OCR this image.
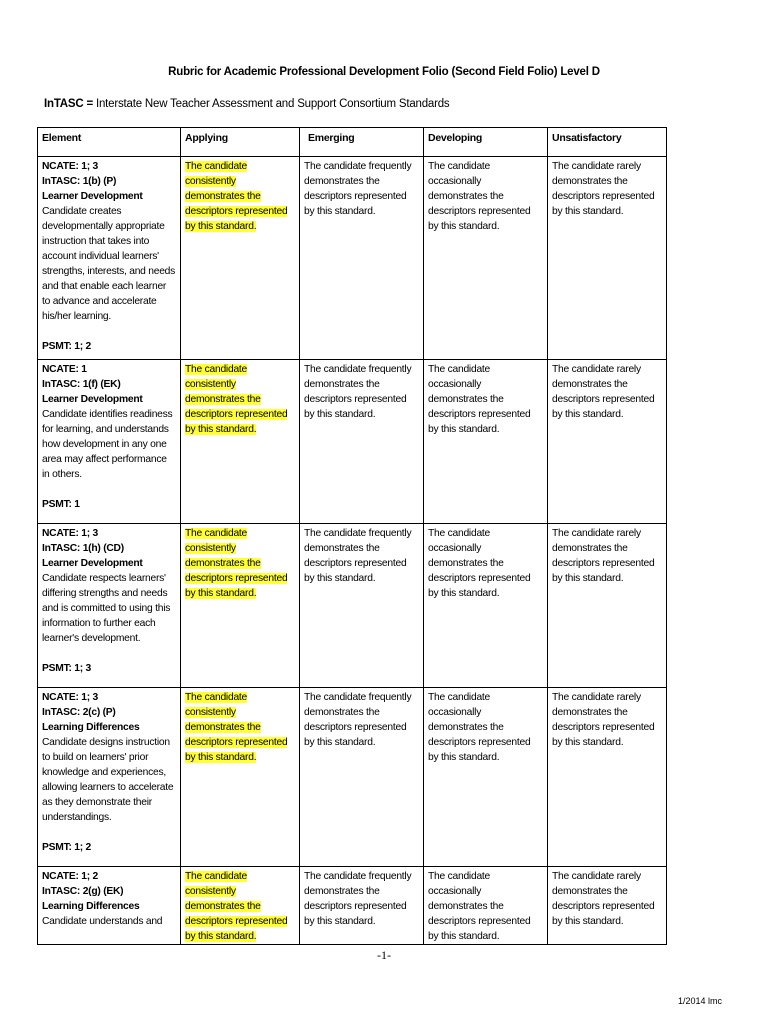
Rubric for Academic Professional Development Folio (Second Field Folio) Level D
InTASC = Interstate New Teacher Assessment and Support Consortium Standards
Element	Applying	Emerging	Developing	Unsatisfactory

NCATE: 1; 3
InTASC: 1(b) (P)
Learner Development
Candidate creates developmentally appropriate instruction that takes into account individual learners' strengths, interests, and needs and that enable each learner to advance and accelerate his/her learning.
PSMT: 1; 2	The candidate consistently demonstrates the descriptors represented by this standard.	The candidate frequently demonstrates the descriptors represented by this standard.	The candidate occasionally demonstrates the descriptors represented by this standard.	The candidate rarely demonstrates the descriptors represented by this standard.

NCATE: 1
InTASC: 1(f) (EK)
Learner Development
Candidate identifies readiness for learning, and understands how development in any one area may affect performance in others.
PSMT: 1	The candidate consistently demonstrates the descriptors represented by this standard.	The candidate frequently demonstrates the descriptors represented by this standard.	The candidate occasionally demonstrates the descriptors represented by this standard.	The candidate rarely demonstrates the descriptors represented by this standard.

NCATE: 1; 3
InTASC: 1(h) (CD)
Learner Development
Candidate respects learners' differing strengths and needs and is committed to using this information to further each learner's development.
PSMT: 1; 3	The candidate consistently demonstrates the descriptors represented by this standard.	The candidate frequently demonstrates the descriptors represented by this standard.	The candidate occasionally demonstrates the descriptors represented by this standard.	The candidate rarely demonstrates the descriptors represented by this standard.

NCATE: 1; 3
InTASC: 2(c) (P)
Learning Differences
Candidate designs instruction to build on learners' prior knowledge and experiences, allowing learners to accelerate as they demonstrate their understandings.
PSMT: 1; 2	The candidate consistently demonstrates the descriptors represented by this standard.	The candidate frequently demonstrates the descriptors represented by this standard.	The candidate occasionally demonstrates the descriptors represented by this standard.	The candidate rarely demonstrates the descriptors represented by this standard.

NCATE: 1; 2
InTASC: 2(g) (EK)
Learning Differences
Candidate understands and	The candidate consistently demonstrates the descriptors represented by this standard.	The candidate frequently demonstrates the descriptors represented by this standard.	The candidate occasionally demonstrates the descriptors represented by this standard.	The candidate rarely demonstrates the descriptors represented by this standard.
-1-
1/2014 lmc
